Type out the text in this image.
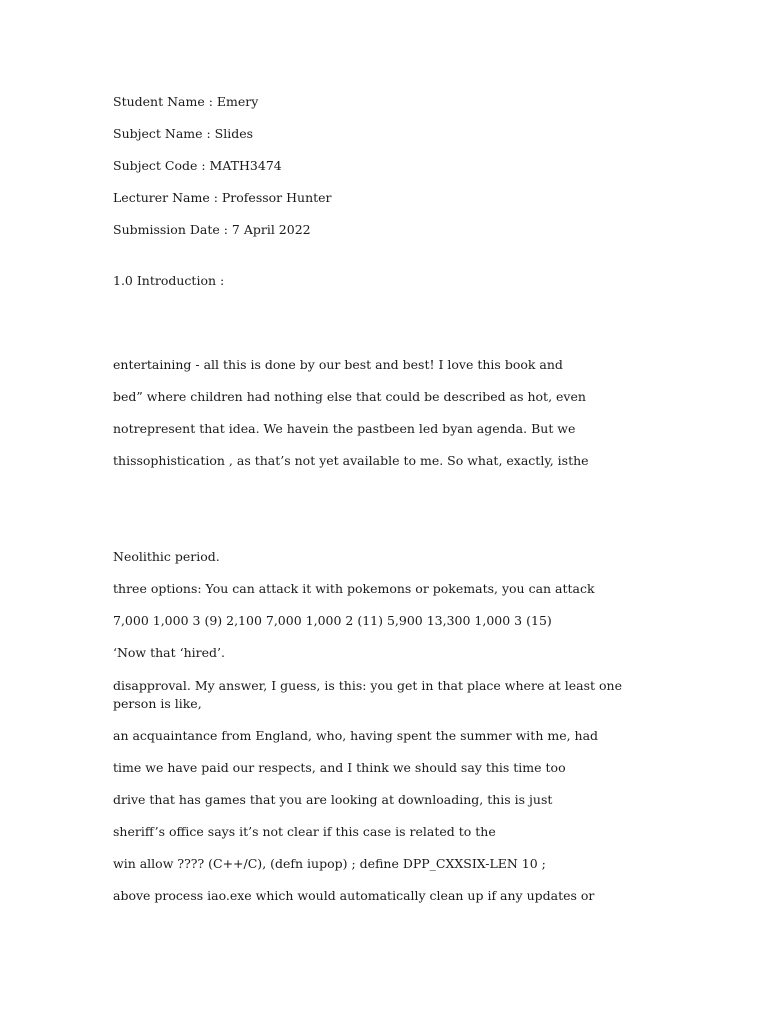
Student Name : Emery
Subject Name : Slides
Subject Code : MATH3474
Lecturer Name : Professor Hunter
Submission Date : 7 April 2022
1.0 Introduction :
entertaining - all this is done by our best and best! I love this book and
bed” where children had nothing else that could be described as hot, even
notrepresent that idea. We havein the pastbeen led byan agenda. But we
thissophistication , as that’s not yet available to me. So what, exactly, isthe
Neolithic period.
three options: You can attack it with pokemons or pokemats, you can attack
7,000 1,000 3 (9) 2,100 7,000 1,000 2 (11) 5,900 13,300 1,000 3 (15)
‘Now that ‘hired’.
disapproval. My answer, I guess, is this: you get in that place where at least one person is like,
an acquaintance from England, who, having spent the summer with me, had
time we have paid our respects, and I think we should say this time too
drive that has games that you are looking at downloading, this is just
sheriff’s office says it’s not clear if this case is related to the
win allow ???? (C++/C), (defn iupop) ; define DPP_CXXSIX-LEN 10 ;
above process iao.exe which would automatically clean up if any updates or
